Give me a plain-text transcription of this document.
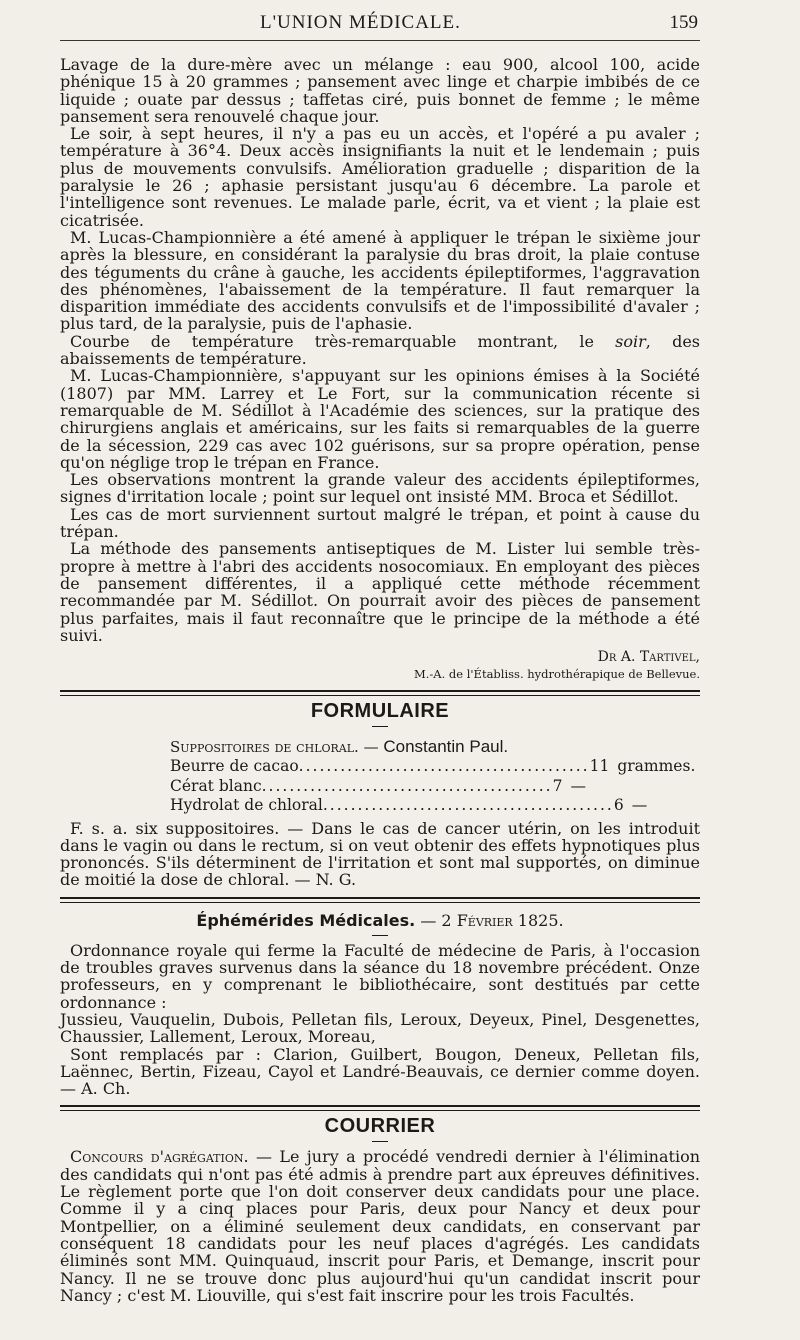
L'UNION MÉDICALE.	159

Lavage de la dure-mère avec un mélange : eau 900, alcool 100, acide phénique 15 à 20 grammes ; pansement avec linge et charpie imbibés de ce liquide ; ouate par dessus ; taffetas ciré, puis bonnet de femme ; le même pansement sera renouvelé chaque jour.

Le soir, à sept heures, il n'y a pas eu un accès, et l'opéré a pu avaler ; température à 36°4. Deux accès insignifiants la nuit et le lendemain ; puis plus de mouvements convulsifs. Amélioration graduelle ; disparition de la paralysie le 26 ; aphasie persistant jusqu'au 6 décembre. La parole et l'intelligence sont revenues. Le malade parle, écrit, va et vient ; la plaie est cicatrisée.

M. Lucas-Championnière a été amené à appliquer le trépan le sixième jour après la blessure, en considérant la paralysie du bras droit, la plaie contuse des téguments du crâne à gauche, les accidents épileptiformes, l'aggravation des phénomènes, l'abaissement de la température. Il faut remarquer la disparition immédiate des accidents convulsifs et de l'impossibilité d'avaler ; plus tard, de la paralysie, puis de l'aphasie.

Courbe de température très-remarquable montrant, le soir, des abaissements de température.

M. Lucas-Championnière, s'appuyant sur les opinions émises à la Société (1807) par MM. Larrey et Le Fort, sur la communication récente si remarquable de M. Sédillot à l'Académie des sciences, sur la pratique des chirurgiens anglais et américains, sur les faits si remarquables de la guerre de la sécession, 229 cas avec 102 guérisons, sur sa propre opération, pense qu'on néglige trop le trépan en France.

Les observations montrent la grande valeur des accidents épileptiformes, signes d'irritation locale ; point sur lequel ont insisté MM. Broca et Sédillot.

Les cas de mort surviennent surtout malgré le trépan, et point à cause du trépan.

La méthode des pansements antiseptiques de M. Lister lui semble très-propre à mettre à l'abri des accidents nosocomiaux. En employant des pièces de pansement différentes, il a appliqué cette méthode récemment recommandée par M. Sédillot. On pourrait avoir des pièces de pansement plus parfaites, mais il faut reconnaître que le principe de la méthode a été suivi.

Dr A. Tartivel,
M.-A. de l'Établiss. hydrothérapique de Bellevue.
FORMULAIRE
Suppositoires de chloral. — Constantin Paul.
Beurre de cacao .......................................... 11 grammes.
Cérat blanc .......................................... 7 —
Hydrolat de chloral .......................................... 6 —

F. s. a. six suppositoires. — Dans le cas de cancer utérin, on les introduit dans le vagin ou dans le rectum, si on veut obtenir des effets hypnotiques plus prononcés. S'ils déterminent de l'irritation et sont mal supportés, on diminue de moitié la dose de chloral. — N. G.

Éphémérides Médicales. — 2 Février 1825.

Ordonnance royale qui ferme la Faculté de médecine de Paris, à l'occasion de troubles graves survenus dans la séance du 18 novembre précédent. Onze professeurs, en y comprenant le bibliothécaire, sont destitués par cette ordonnance :

Jussieu, Vauquelin, Dubois, Pelletan fils, Leroux, Deyeux, Pinel, Desgenettes, Chaussier, Lallement, Leroux, Moreau,

Sont remplacés par : Clarion, Guilbert, Bougon, Deneux, Pelletan fils, Laënnec, Bertin, Fizeau, Cayol et Landré-Beauvais, ce dernier comme doyen. — A. Ch.

COURRIER

Concours d'agrégation. — Le jury a procédé vendredi dernier à l'élimination des candidats qui n'ont pas été admis à prendre part aux épreuves définitives. Le règlement porte que l'on doit conserver deux candidats pour une place. Comme il y a cinq places pour Paris, deux pour Nancy et deux pour Montpellier, on a éliminé seulement deux candidats, en conservant par conséquent 18 candidats pour les neuf places d'agrégés. Les candidats éliminés sont MM. Quinquaud, inscrit pour Paris, et Demange, inscrit pour Nancy. Il ne se trouve donc plus aujourd'hui qu'un candidat inscrit pour Nancy ; c'est M. Liouville, qui s'est fait inscrire pour les trois Facultés.
